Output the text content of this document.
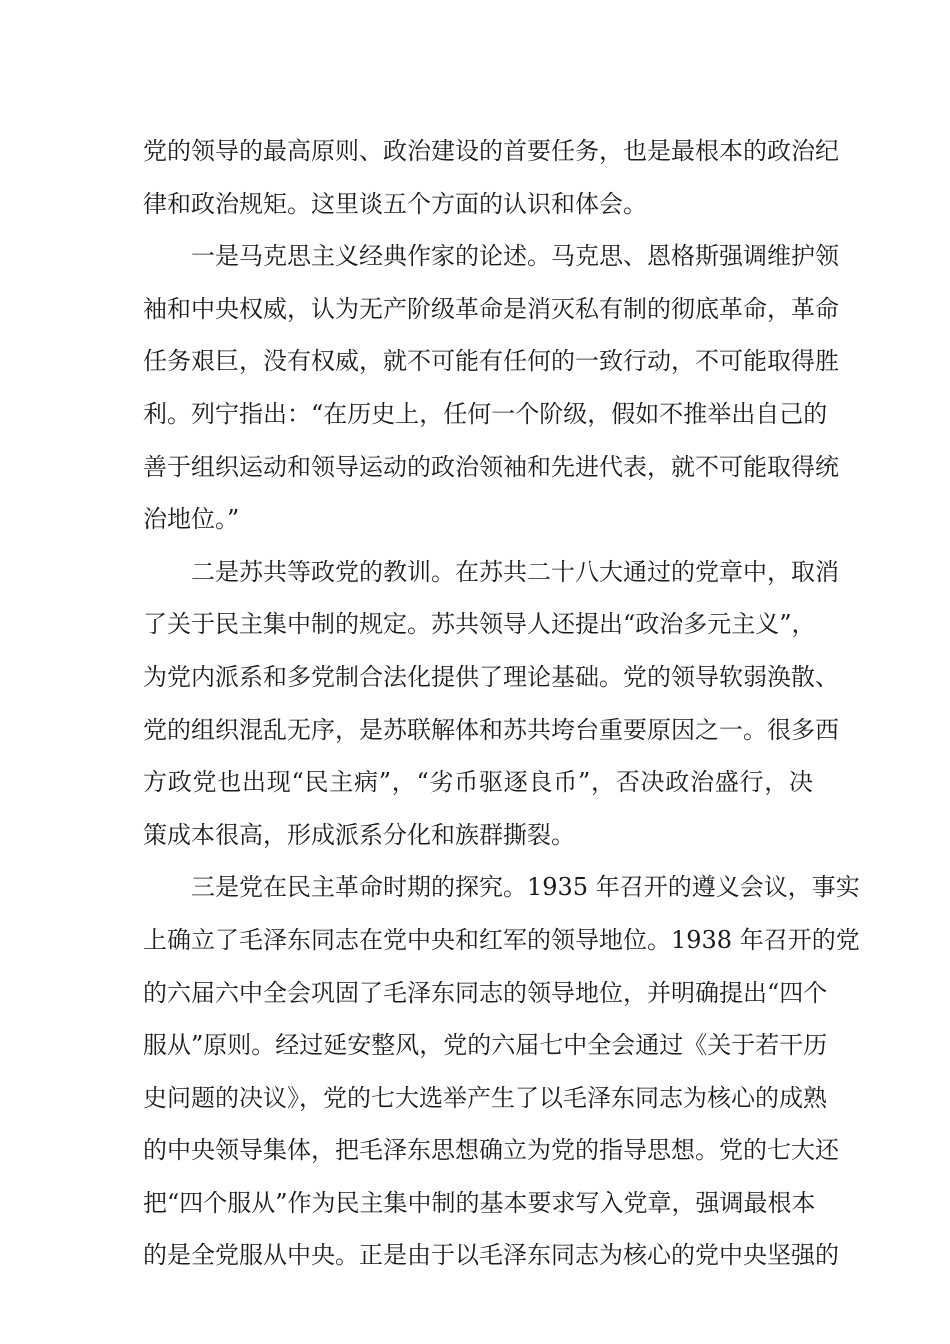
党的领导的最高原则、政治建设的首要任务，也是最根本的政治纪
律和政治规矩。这里谈五个方面的认识和体会。
一是马克思主义经典作家的论述。马克思、恩格斯强调维护领
袖和中央权威，认为无产阶级革命是消灭私有制的彻底革命，革命
任务艰巨，没有权威，就不可能有任何的一致行动，不可能取得胜
利。列宁指出：“在历史上，任何一个阶级，假如不推举出自己的
善于组织运动和领导运动的政治领袖和先进代表，就不可能取得统
治地位。”
二是苏共等政党的教训。在苏共二十八大通过的党章中，取消
了关于民主集中制的规定。苏共领导人还提出“政治多元主义”，
为党内派系和多党制合法化提供了理论基础。党的领导软弱涣散、
党的组织混乱无序，是苏联解体和苏共垮台重要原因之一。很多西
方政党也出现“民主病”，“劣币驱逐良币”，否决政治盛行，决
策成本很高，形成派系分化和族群撕裂。
三是党在民主革命时期的探究。1935 年召开的遵义会议，事实
上确立了毛泽东同志在党中央和红军的领导地位。1938 年召开的党
的六届六中全会巩固了毛泽东同志的领导地位，并明确提出“四个
服从”原则。经过延安整风，党的六届七中全会通过《关于若干历
史问题的决议》，党的七大选举产生了以毛泽东同志为核心的成熟
的中央领导集体，把毛泽东思想确立为党的指导思想。党的七大还
把“四个服从”作为民主集中制的基本要求写入党章，强调最根本
的是全党服从中央。正是由于以毛泽东同志为核心的党中央坚强的
